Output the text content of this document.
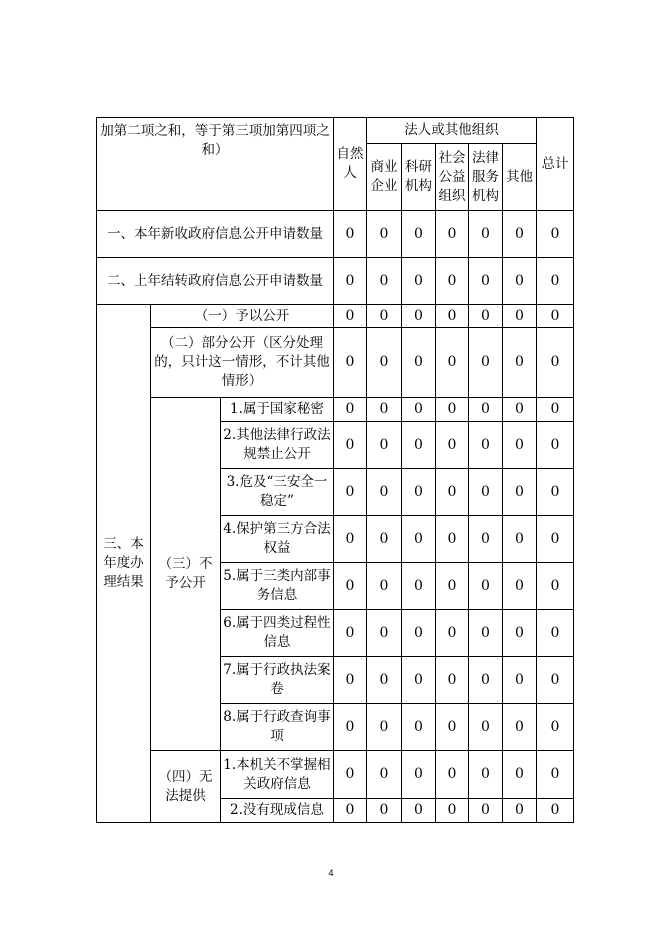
加第二项之和，等于第三项加第四项之和）			自然人	法人或其他组织					总计
				商业企业	科研机构	社会公益组织	法律服务机构	其他	
一、本年新收政府信息公开申请数量			0	0	0	0	0	0	0
二、上年结转政府信息公开申请数量			0	0	0	0	0	0	0
三、本年度办理结果	（一）予以公开		0	0	0	0	0	0	0
	（二）部分公开（区分处理的，只计这一情形，不计其他情形）		0	0	0	0	0	0	0
	（三）不予公开	1.属于国家秘密	0	0	0	0	0	0	0
		2.其他法律行政法规禁止公开	0	0	0	0	0	0	0
		3.危及“三安全一稳定”	0	0	0	0	0	0	0
		4.保护第三方合法权益	0	0	0	0	0	0	0
		5.属于三类内部事务信息	0	0	0	0	0	0	0
		6.属于四类过程性信息	0	0	0	0	0	0	0
		7.属于行政执法案卷	0	0	0	0	0	0	0
		8.属于行政查询事项	0	0	0	0	0	0	0
	（四）无法提供	1.本机关不掌握相关政府信息	0	0	0	0	0	0	0
		2.没有现成信息	0	0	0	0	0	0	0
4
